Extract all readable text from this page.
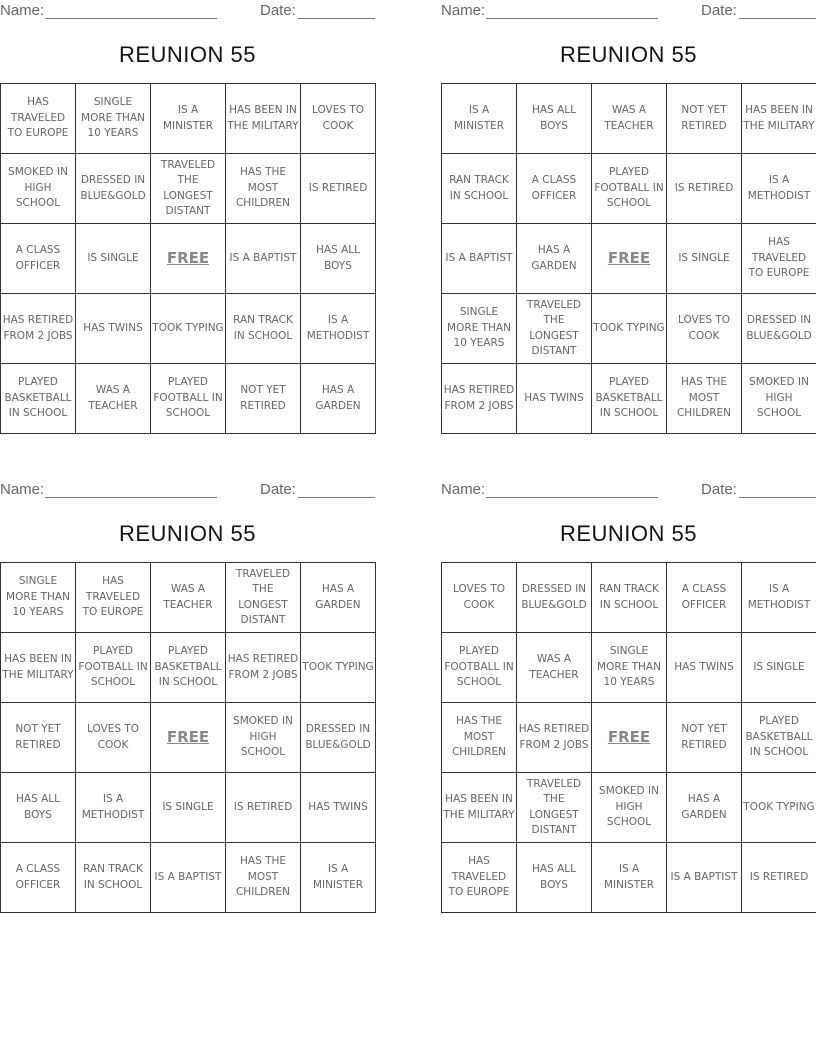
Name:	Date:
REUNION 55
HAS TRAVELED TO EUROPE	SINGLE MORE THAN 10 YEARS	IS A MINISTER	HAS BEEN IN THE MILITARY	LOVES TO COOK
SMOKED IN HIGH SCHOOL	DRESSED IN BLUE&GOLD	TRAVELED THE LONGEST DISTANT	HAS THE MOST CHILDREN	IS RETIRED
A CLASS OFFICER	IS SINGLE	FREE	IS A BAPTIST	HAS ALL BOYS
HAS RETIRED FROM 2 JOBS	HAS TWINS	TOOK TYPING	RAN TRACK IN SCHOOL	IS A METHODIST
PLAYED BASKETBALL IN SCHOOL	WAS A TEACHER	PLAYED FOOTBALL IN SCHOOL	NOT YET RETIRED	HAS A GARDEN
Name:	Date:
REUNION 55
IS A MINISTER	HAS ALL BOYS	WAS A TEACHER	NOT YET RETIRED	HAS BEEN IN THE MILITARY
RAN TRACK IN SCHOOL	A CLASS OFFICER	PLAYED FOOTBALL IN SCHOOL	IS RETIRED	IS A METHODIST
IS A BAPTIST	HAS A GARDEN	FREE	IS SINGLE	HAS TRAVELED TO EUROPE
SINGLE MORE THAN 10 YEARS	TRAVELED THE LONGEST DISTANT	TOOK TYPING	LOVES TO COOK	DRESSED IN BLUE&GOLD
HAS RETIRED FROM 2 JOBS	HAS TWINS	PLAYED BASKETBALL IN SCHOOL	HAS THE MOST CHILDREN	SMOKED IN HIGH SCHOOL
Name:	Date:
REUNION 55
SINGLE MORE THAN 10 YEARS	HAS TRAVELED TO EUROPE	WAS A TEACHER	TRAVELED THE LONGEST DISTANT	HAS A GARDEN
HAS BEEN IN THE MILITARY	PLAYED FOOTBALL IN SCHOOL	PLAYED BASKETBALL IN SCHOOL	HAS RETIRED FROM 2 JOBS	TOOK TYPING
NOT YET RETIRED	LOVES TO COOK	FREE	SMOKED IN HIGH SCHOOL	DRESSED IN BLUE&GOLD
HAS ALL BOYS	IS A METHODIST	IS SINGLE	IS RETIRED	HAS TWINS
A CLASS OFFICER	RAN TRACK IN SCHOOL	IS A BAPTIST	HAS THE MOST CHILDREN	IS A MINISTER
Name:	Date:
REUNION 55
LOVES TO COOK	DRESSED IN BLUE&GOLD	RAN TRACK IN SCHOOL	A CLASS OFFICER	IS A METHODIST
PLAYED FOOTBALL IN SCHOOL	WAS A TEACHER	SINGLE MORE THAN 10 YEARS	HAS TWINS	IS SINGLE
HAS THE MOST CHILDREN	HAS RETIRED FROM 2 JOBS	FREE	NOT YET RETIRED	PLAYED BASKETBALL IN SCHOOL
HAS BEEN IN THE MILITARY	TRAVELED THE LONGEST DISTANT	SMOKED IN HIGH SCHOOL	HAS A GARDEN	TOOK TYPING
HAS TRAVELED TO EUROPE	HAS ALL BOYS	IS A MINISTER	IS A BAPTIST	IS RETIRED
